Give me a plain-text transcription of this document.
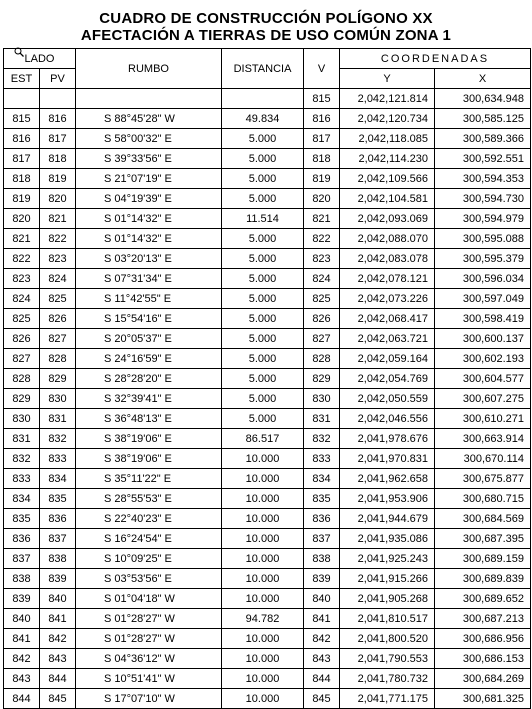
CUADRO DE CONSTRUCCIÓN POLÍGONO XX
AFECTACIÓN A TIERRAS DE USO COMÚN ZONA 1
LADO		RUMBO	DISTANCIA	V	COORDENADAS	
EST	PV				Y	X
				815	2,042,121.814	300,634.948
815	816	S 88°45'28" W	49.834	816	2,042,120.734	300,585.125
816	817	S 58°00'32" E	5.000	817	2,042,118.085	300,589.366
817	818	S 39°33'56" E	5.000	818	2,042,114.230	300,592.551
818	819	S 21°07'19" E	5.000	819	2,042,109.566	300,594.353
819	820	S 04°19'39" E	5.000	820	2,042,104.581	300,594.730
820	821	S 01°14'32" E	11.514	821	2,042,093.069	300,594.979
821	822	S 01°14'32" E	5.000	822	2,042,088.070	300,595.088
822	823	S 03°20'13" E	5.000	823	2,042,083.078	300,595.379
823	824	S 07°31'34" E	5.000	824	2,042,078.121	300,596.034
824	825	S 11°42'55" E	5.000	825	2,042,073.226	300,597.049
825	826	S 15°54'16" E	5.000	826	2,042,068.417	300,598.419
826	827	S 20°05'37" E	5.000	827	2,042,063.721	300,600.137
827	828	S 24°16'59" E	5.000	828	2,042,059.164	300,602.193
828	829	S 28°28'20" E	5.000	829	2,042,054.769	300,604.577
829	830	S 32°39'41" E	5.000	830	2,042,050.559	300,607.275
830	831	S 36°48'13" E	5.000	831	2,042,046.556	300,610.271
831	832	S 38°19'06" E	86.517	832	2,041,978.676	300,663.914
832	833	S 38°19'06" E	10.000	833	2,041,970.831	300,670.114
833	834	S 35°11'22" E	10.000	834	2,041,962.658	300,675.877
834	835	S 28°55'53" E	10.000	835	2,041,953.906	300,680.715
835	836	S 22°40'23" E	10.000	836	2,041,944.679	300,684.569
836	837	S 16°24'54" E	10.000	837	2,041,935.086	300,687.395
837	838	S 10°09'25" E	10.000	838	2,041,925.243	300,689.159
838	839	S 03°53'56" E	10.000	839	2,041,915.266	300,689.839
839	840	S 01°04'18" W	10.000	840	2,041,905.268	300,689.652
840	841	S 01°28'27" W	94.782	841	2,041,810.517	300,687.213
841	842	S 01°28'27" W	10.000	842	2,041,800.520	300,686.956
842	843	S 04°36'12" W	10.000	843	2,041,790.553	300,686.153
843	844	S 10°51'41" W	10.000	844	2,041,780.732	300,684.269
844	845	S 17°07'10" W	10.000	845	2,041,771.175	300,681.325
